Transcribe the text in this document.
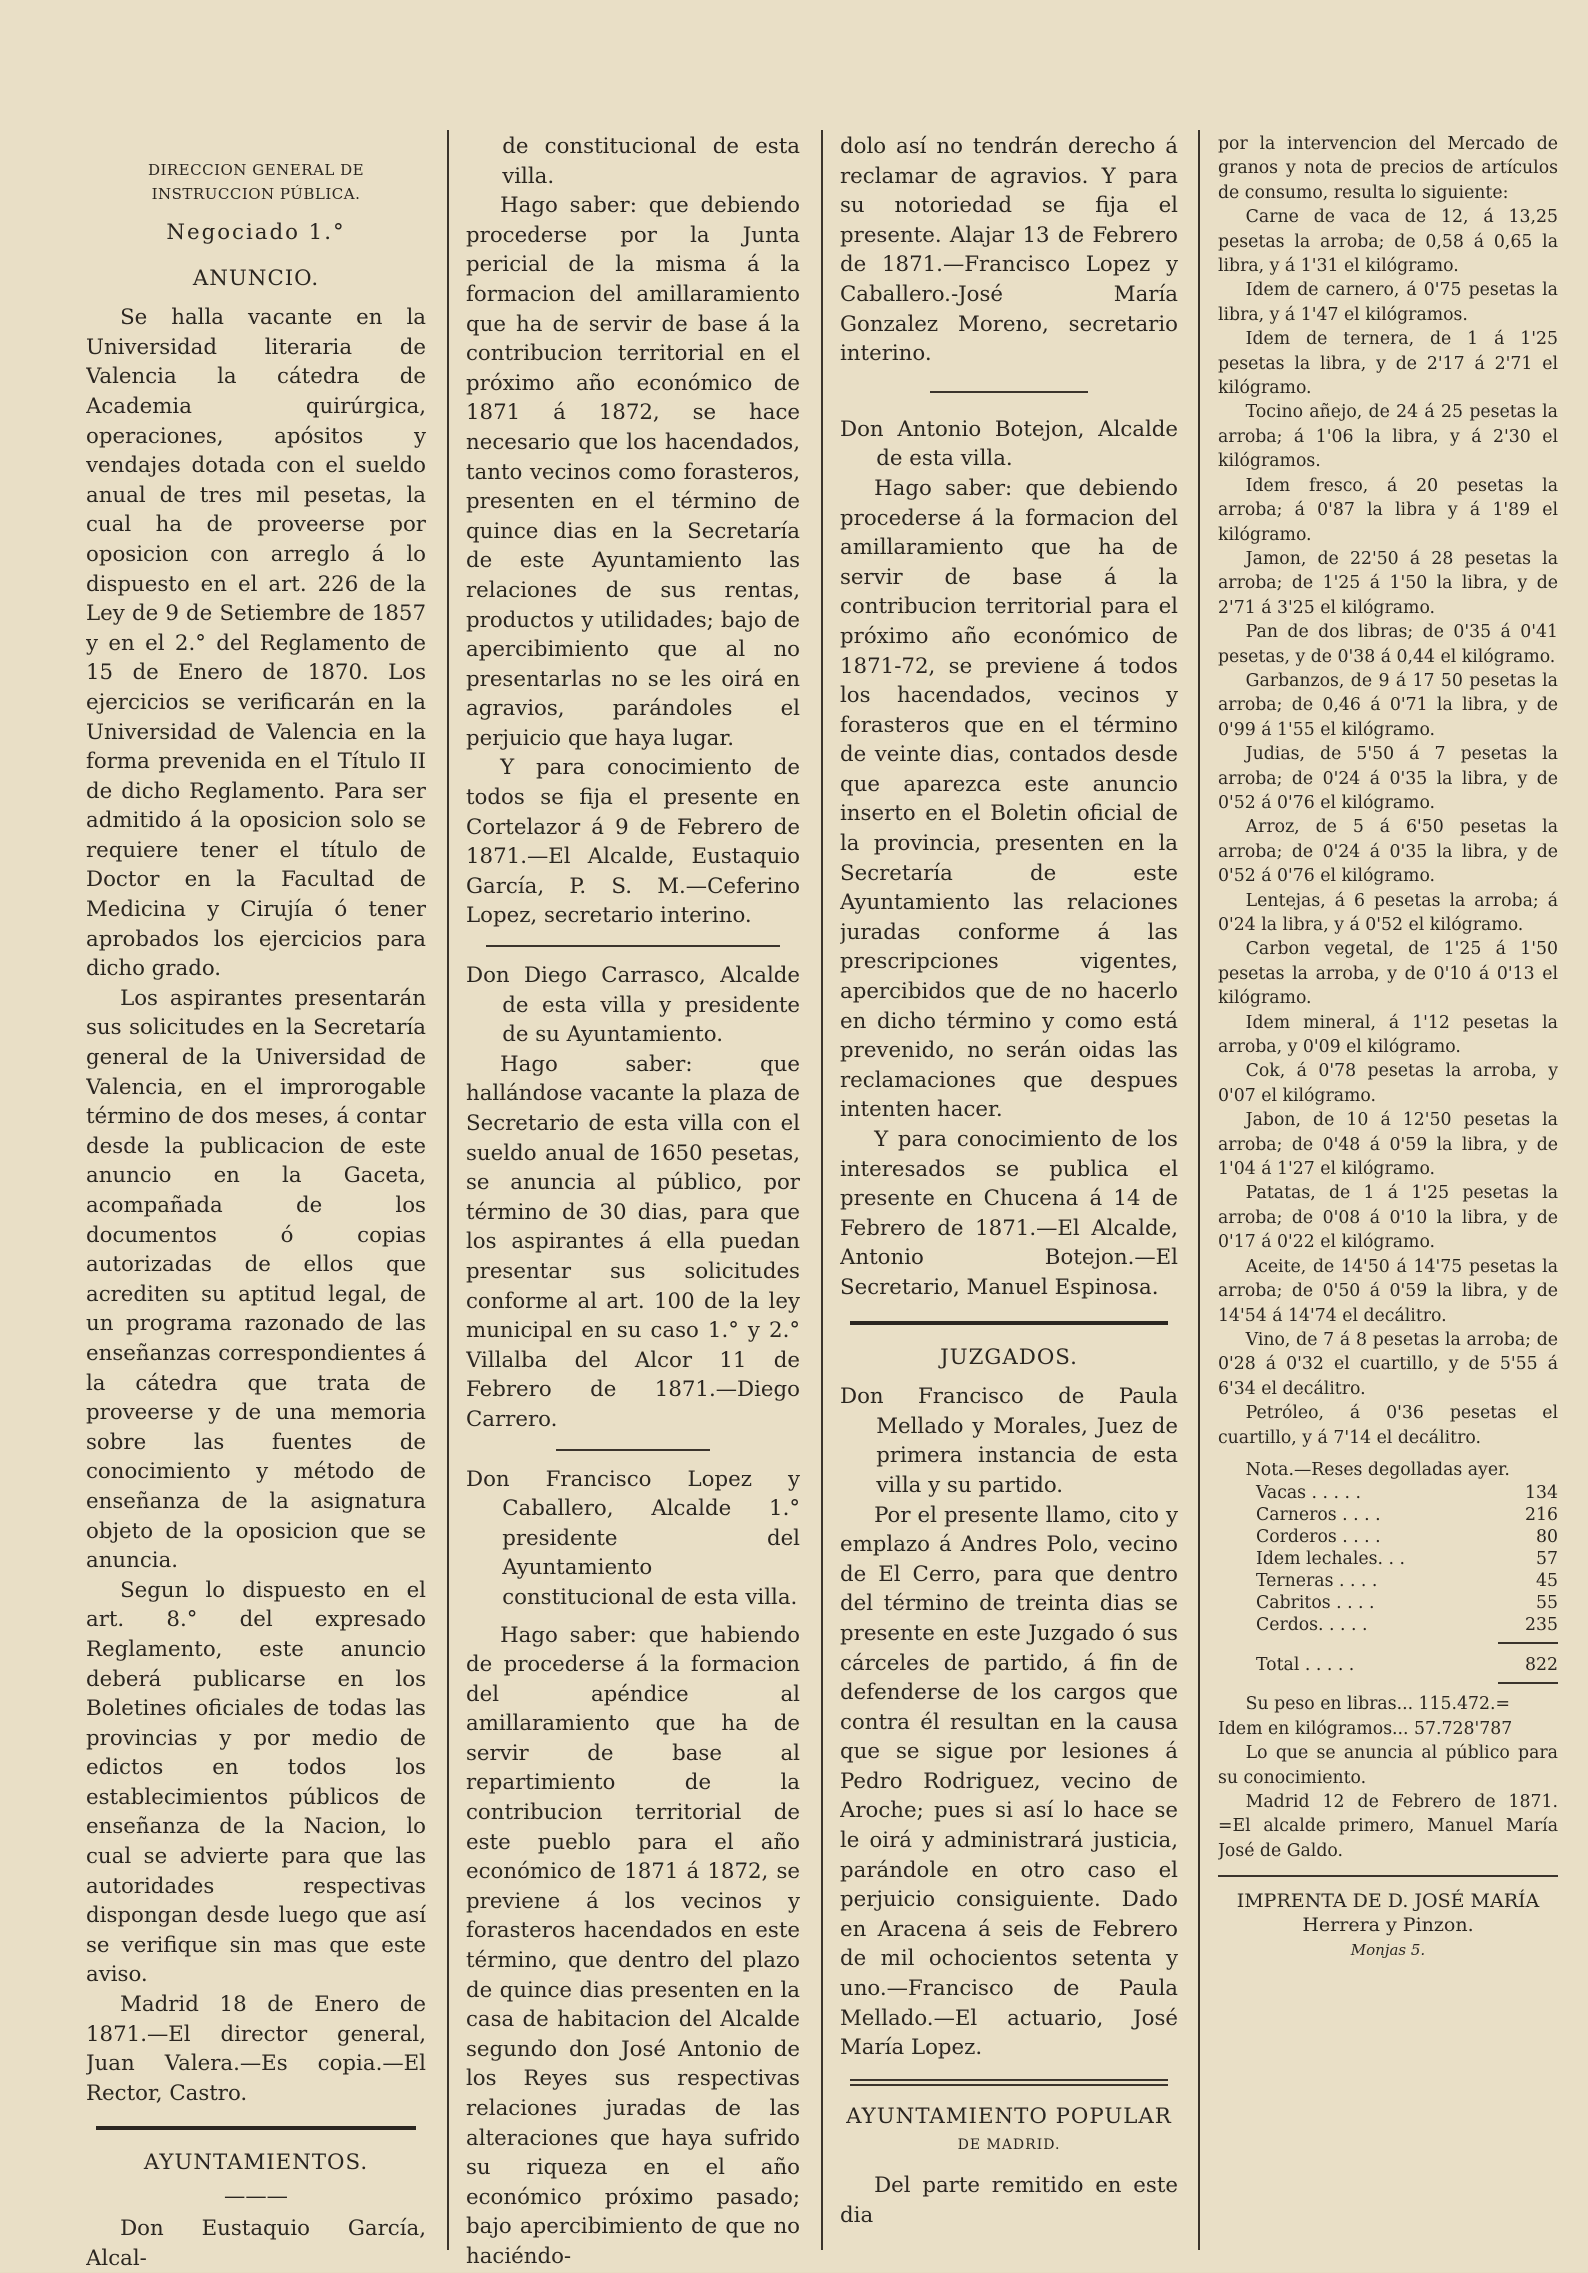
DIRECCION GENERAL DE INSTRUCCION PÚBLICA.

Negociado 1.°

ANUNCIO.

Se halla vacante en la Universidad literaria de Valencia la cátedra de Academia quirúrgica, operaciones, apósitos y vendajes dotada con el sueldo anual de tres mil pesetas, la cual ha de proveerse por oposicion con arreglo á lo dispuesto en el art. 226 de la Ley de 9 de Setiembre de 1857 y en el 2.° del Reglamento de 15 de Enero de 1870. Los ejercicios se verificarán en la Universidad de Valencia en la forma prevenida en el Título II de dicho Reglamento. Para ser admitido á la oposicion solo se requiere tener el título de Doctor en la Facultad de Medicina y Cirujía ó tener aprobados los ejercicios para dicho grado.

Los aspirantes presentarán sus solicitudes en la Secretaría general de la Universidad de Valencia, en el improrogable término de dos meses, á contar desde la publicacion de este anuncio en la Gaceta, acompañada de los documentos ó copias autorizadas de ellos que acrediten su aptitud legal, de un programa razonado de las enseñanzas correspondientes á la cátedra que trata de proveerse y de una memoria sobre las fuentes de conocimiento y método de enseñanza de la asignatura objeto de la oposicion que se anuncia.

Segun lo dispuesto en el art. 8.° del expresado Reglamento, este anuncio deberá publicarse en los Boletines oficiales de todas las provincias y por medio de edictos en todos los establecimientos públicos de enseñanza de la Nacion, lo cual se advierte para que las autoridades respectivas dispongan desde luego que así se verifique sin mas que este aviso.

Madrid 18 de Enero de 1871.—El director general, Juan Valera.—Es copia.—El Rector, Castro.

AYUNTAMIENTOS.

———

Don Eustaquio García, Alcal-

de constitucional de esta villa.

Hago saber: que debiendo procederse por la Junta pericial de la misma á la formacion del amillaramiento que ha de servir de base á la contribucion territorial en el próximo año económico de 1871 á 1872, se hace necesario que los hacendados, tanto vecinos como forasteros, presenten en el término de quince dias en la Secretaría de este Ayuntamiento las relaciones de sus rentas, productos y utilidades; bajo de apercibimiento que al no presentarlas no se les oirá en agravios, parándoles el perjuicio que haya lugar.

Y para conocimiento de todos se fija el presente en Cortelazor á 9 de Febrero de 1871.—El Alcalde, Eustaquio García, P. S. M.—Ceferino Lopez, secretario interino.

Don Diego Carrasco, Alcalde de esta villa y presidente de su Ayuntamiento.

Hago saber: que hallándose vacante la plaza de Secretario de esta villa con el sueldo anual de 1650 pesetas, se anuncia al público, por término de 30 dias, para que los aspirantes á ella puedan presentar sus solicitudes conforme al art. 100 de la ley municipal en su caso 1.° y 2.° Villalba del Alcor 11 de Febrero de 1871.—Diego Carrero.

Don Francisco Lopez y Caballero, Alcalde 1.° presidente del Ayuntamiento constitucional de esta villa.

Hago saber: que habiendo de procederse á la formacion del apéndice al amillaramiento que ha de servir de base al repartimiento de la contribucion territorial de este pueblo para el año económico de 1871 á 1872, se previene á los vecinos y forasteros hacendados en este término, que dentro del plazo de quince dias presenten en la casa de habitacion del Alcalde segundo don José Antonio de los Reyes sus respectivas relaciones juradas de las alteraciones que haya sufrido su riqueza en el año económico próximo pasado; bajo apercibimiento de que no haciéndo-

dolo así no tendrán derecho á reclamar de agravios. Y para su notoriedad se fija el presente. Alajar 13 de Febrero de 1871.—Francisco Lopez y Caballero.-José María Gonzalez Moreno, secretario interino.

Don Antonio Botejon, Alcalde de esta villa.

Hago saber: que debiendo procederse á la formacion del amillaramiento que ha de servir de base á la contribucion territorial para el próximo año económico de 1871-72, se previene á todos los hacendados, vecinos y forasteros que en el término de veinte dias, contados desde que aparezca este anuncio inserto en el Boletin oficial de la provincia, presenten en la Secretaría de este Ayuntamiento las relaciones juradas conforme á las prescripciones vigentes, apercibidos que de no hacerlo en dicho término y como está prevenido, no serán oidas las reclamaciones que despues intenten hacer.

Y para conocimiento de los interesados se publica el presente en Chucena á 14 de Febrero de 1871.—El Alcalde, Antonio Botejon.—El Secretario, Manuel Espinosa.

JUZGADOS.

Don Francisco de Paula Mellado y Morales, Juez de primera instancia de esta villa y su partido.

Por el presente llamo, cito y emplazo á Andres Polo, vecino de El Cerro, para que dentro del término de treinta dias se presente en este Juzgado ó sus cárceles de partido, á fin de defenderse de los cargos que contra él resultan en la causa que se sigue por lesiones á Pedro Rodriguez, vecino de Aroche; pues si así lo hace se le oirá y administrará justicia, parándole en otro caso el perjuicio consiguiente. Dado en Aracena á seis de Febrero de mil ochocientos setenta y uno.—Francisco de Paula Mellado.—El actuario, José María Lopez.

AYUNTAMIENTO POPULAR

DE MADRID.

Del parte remitido en este dia

por la intervencion del Mercado de granos y nota de precios de artículos de consumo, resulta lo siguiente:

Carne de vaca de 12, á 13,25 pesetas la arroba; de 0,58 á 0,65 la libra, y á 1'31 el kilógramo.

Idem de carnero, á 0'75 pesetas la libra, y á 1'47 el kilógramos.

Idem de ternera, de 1 á 1'25 pesetas la libra, y de 2'17 á 2'71 el kilógramo.

Tocino añejo, de 24 á 25 pesetas la arroba; á 1'06 la libra, y á 2'30 el kilógramos.

Idem fresco, á 20 pesetas la arroba; á 0'87 la libra y á 1'89 el kilógramo.

Jamon, de 22'50 á 28 pesetas la arroba; de 1'25 á 1'50 la libra, y de 2'71 á 3'25 el kilógramo.

Pan de dos libras; de 0'35 á 0'41 pesetas, y de 0'38 á 0,44 el kilógramo.

Garbanzos, de 9 á 17 50 pesetas la arroba; de 0,46 á 0'71 la libra, y de 0'99 á 1'55 el kilógramo.

Judias, de 5'50 á 7 pesetas la arroba; de 0'24 á 0'35 la libra, y de 0'52 á 0'76 el kilógramo.

Arroz, de 5 á 6'50 pesetas la arroba; de 0'24 á 0'35 la libra, y de 0'52 á 0'76 el kilógramo.

Lentejas, á 6 pesetas la arroba; á 0'24 la libra, y á 0'52 el kilógramo.

Carbon vegetal, de 1'25 á 1'50 pesetas la arroba, y de 0'10 á 0'13 el kilógramo.

Idem mineral, á 1'12 pesetas la arroba, y 0'09 el kilógramo.

Cok, á 0'78 pesetas la arroba, y 0'07 el kilógramo.

Jabon, de 10 á 12'50 pesetas la arroba; de 0'48 á 0'59 la libra, y de 1'04 á 1'27 el kilógramo.

Patatas, de 1 á 1'25 pesetas la arroba; de 0'08 á 0'10 la libra, y de 0'17 á 0'22 el kilógramo.

Aceite, de 14'50 á 14'75 pesetas la arroba; de 0'50 á 0'59 la libra, y de 14'54 á 14'74 el decálitro.

Vino, de 7 á 8 pesetas la arroba; de 0'28 á 0'32 el cuartillo, y de 5'55 á 6'34 el decálitro.

Petróleo, á 0'36 pesetas el cuartillo, y á 7'14 el decálitro.

Nota.—Reses degolladas ayer.

Vacas . . . . .	134
Carneros . . . .	216
Corderos . . . .	80
Idem lechales. . .	57
Terneras . . . .	45
Cabritos . . . .	55
Cerdos. . . . .	235

Total . . . . .	822

Su peso en libras... 115.472.=

Idem en kilógramos... 57.728'787

Lo que se anuncia al público para su conocimiento.

Madrid 12 de Febrero de 1871. =El alcalde primero, Manuel María José de Galdo.

IMPRENTA DE D. JOSÉ MARÍA Herrera y Pinzon.

Monjas 5.
